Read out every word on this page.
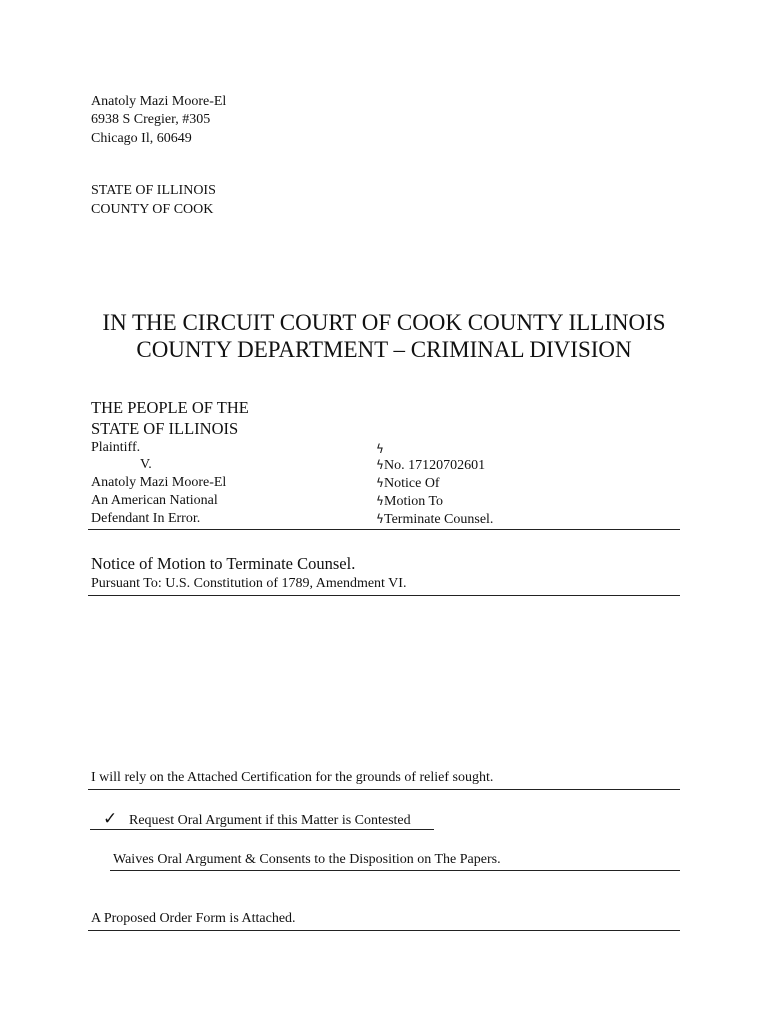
Anatoly Mazi Moore-El
6938 S Cregier, #305
Chicago Il, 60649
STATE OF ILLINOIS
COUNTY OF COOK
IN THE CIRCUIT COURT OF COOK COUNTY ILLINOIS
COUNTY DEPARTMENT – CRIMINAL DIVISION
THE PEOPLE OF THE
STATE OF ILLINOIS
Plaintiff.
V.
Anatoly Mazi Moore-El
An American National
Defendant In Error.
ϟ
ϟNo. 17120702601
ϟNotice Of
ϟMotion To
ϟTerminate Counsel.
Notice of Motion to Terminate Counsel.
Pursuant To: U.S. Constitution of 1789, Amendment VI.
I will rely on the Attached Certification for the grounds of relief sought.
✓ Request Oral Argument if this Matter is Contested
Waives Oral Argument & Consents to the Disposition on The Papers.
A Proposed Order Form is Attached.
